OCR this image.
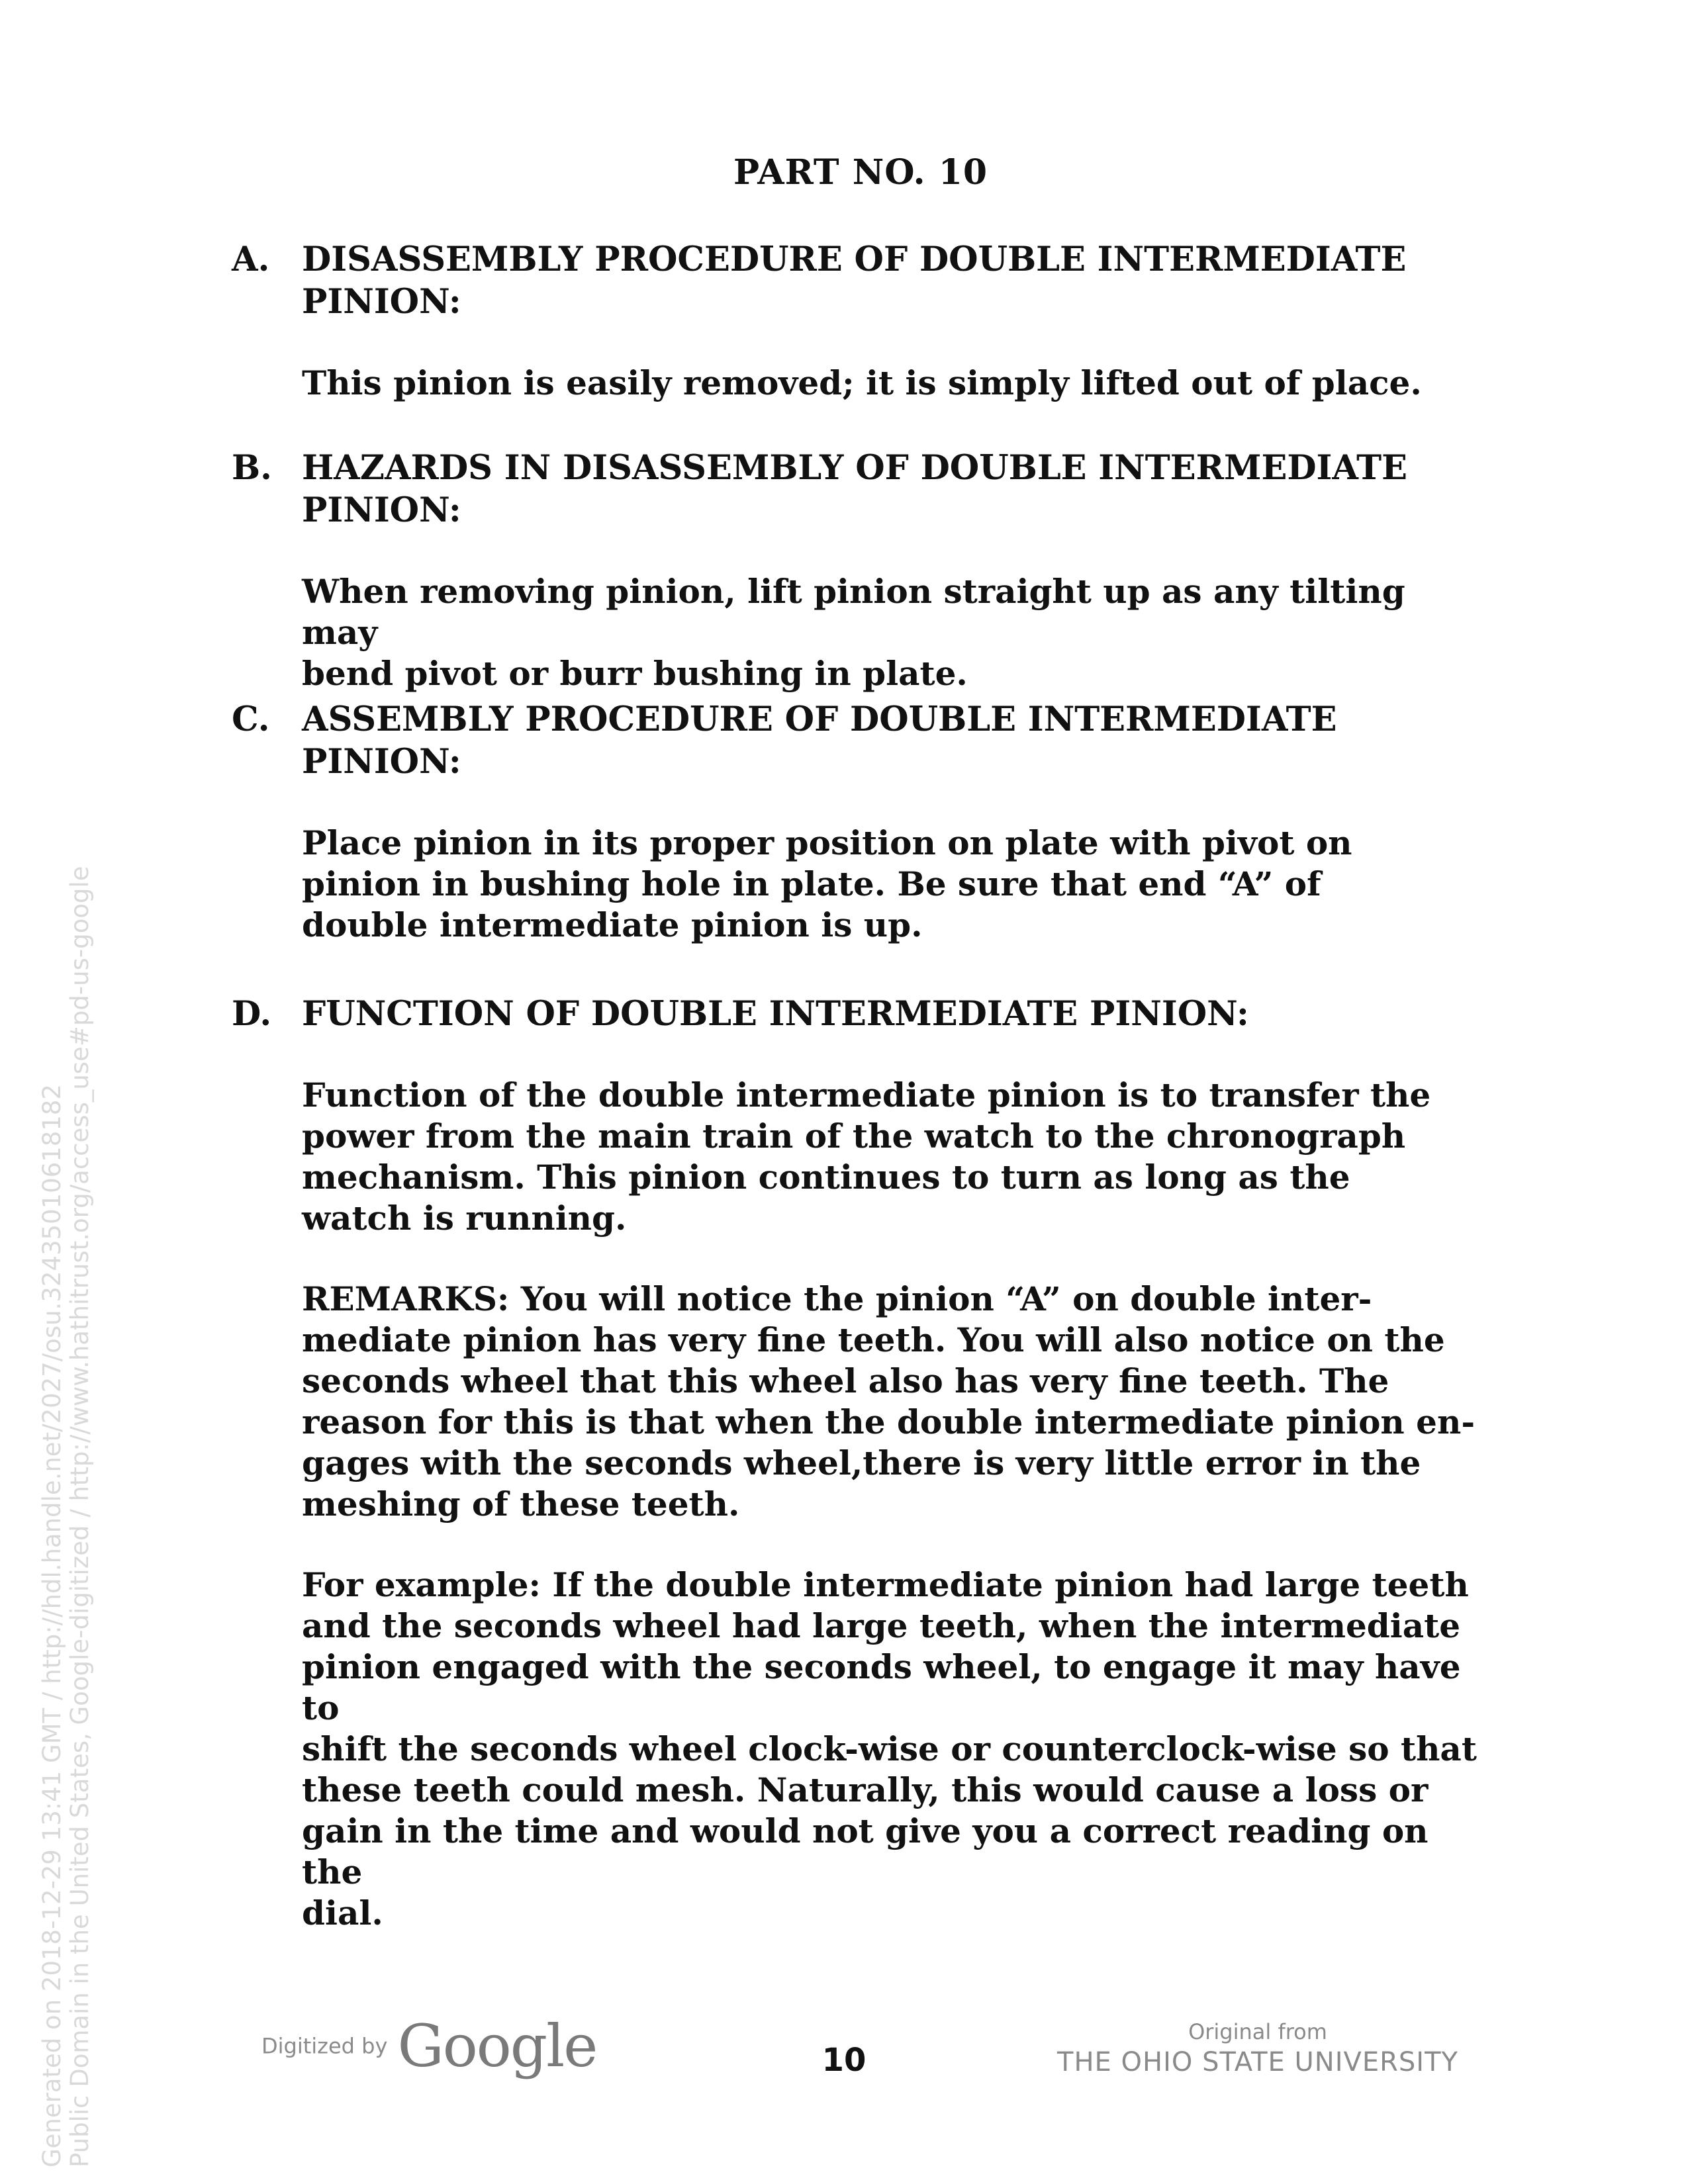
PART NO. 10
A. DISASSEMBLY PROCEDURE OF DOUBLE INTERMEDIATE
PINION:
This pinion is easily removed; it is simply lifted out of place.
B. HAZARDS IN DISASSEMBLY OF DOUBLE INTERMEDIATE
PINION:
When removing pinion, lift pinion straight up as any tilting may
bend pivot or burr bushing in plate.
C. ASSEMBLY PROCEDURE OF DOUBLE INTERMEDIATE
PINION:
Place pinion in its proper position on plate with pivot on
pinion in bushing hole in plate. Be sure that end “A” of
double intermediate pinion is up.
D. FUNCTION OF DOUBLE INTERMEDIATE PINION:
Function of the double intermediate pinion is to transfer the
power from the main train of the watch to the chronograph
mechanism. This pinion continues to turn as long as the
watch is running.
REMARKS: You will notice the pinion “A” on double inter-
mediate pinion has very fine teeth. You will also notice on the
seconds wheel that this wheel also has very fine teeth. The
reason for this is that when the double intermediate pinion en-
gages with the seconds wheel,there is very little error in the
meshing of these teeth.
For example: If the double intermediate pinion had large teeth
and the seconds wheel had large teeth, when the intermediate
pinion engaged with the seconds wheel, to engage it may have to
shift the seconds wheel clock-wise or counterclock-wise so that
these teeth could mesh. Naturally, this would cause a loss or
gain in the time and would not give you a correct reading on the
dial.
Generated on 2018-12-29 13:41 GMT / http://hdl.handle.net/2027/osu.32435010618182 Public Domain in the United States, Google-digitized / http://www.hathitrust.org/access_use#pd-us-google	Digitized by Google	10
Original from
THE OHIO STATE UNIVERSITY
